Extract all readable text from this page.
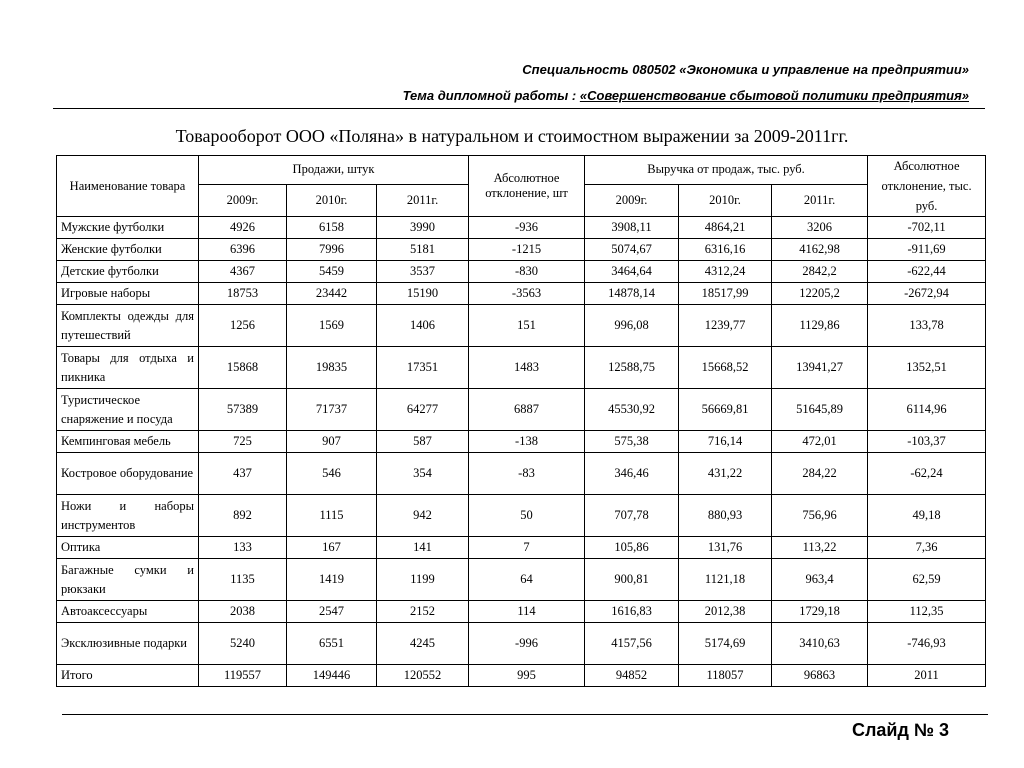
Специальность 080502 «Экономика и управление на предприятии»
Тема дипломной работы : «Совершенствование сбытовой политики предприятия»
Товарооборот ООО «Поляна» в натуральном и стоимостном выражении за 2009-2011гг.
Наименование товара	Продажи, штук			Абсолютное отклонение, шт	Выручка от продаж, тыс. руб.			Абсолютное отклонение, тыс. руб.
	2009г.	2010г.	2011г.		2009г.	2010г.	2011г.	
Мужские футболки	4926	6158	3990	-936	3908,11	4864,21	3206	-702,11
Женские футболки	6396	7996	5181	-1215	5074,67	6316,16	4162,98	-911,69
Детские футболки	4367	5459	3537	-830	3464,64	4312,24	2842,2	-622,44
Игровые наборы	18753	23442	15190	-3563	14878,14	18517,99	12205,2	-2672,94
Комплекты одежды для путешествий	1256	1569	1406	151	996,08	1239,77	1129,86	133,78
Товары для отдыха и пикника	15868	19835	17351	1483	12588,75	15668,52	13941,27	1352,51
Туристическое снаряжение и посуда	57389	71737	64277	6887	45530,92	56669,81	51645,89	6114,96
Кемпинговая мебель	725	907	587	-138	575,38	716,14	472,01	-103,37
Костровое оборудование	437	546	354	-83	346,46	431,22	284,22	-62,24
Ножи и наборы инструментов	892	1115	942	50	707,78	880,93	756,96	49,18
Оптика	133	167	141	7	105,86	131,76	113,22	7,36
Багажные сумки и рюкзаки	1135	1419	1199	64	900,81	1121,18	963,4	62,59
Автоаксессуары	2038	2547	2152	114	1616,83	2012,38	1729,18	112,35
Эксклюзивные подарки	5240	6551	4245	-996	4157,56	5174,69	3410,63	-746,93
Итого	119557	149446	120552	995	94852	118057	96863	2011
Слайд № 3
